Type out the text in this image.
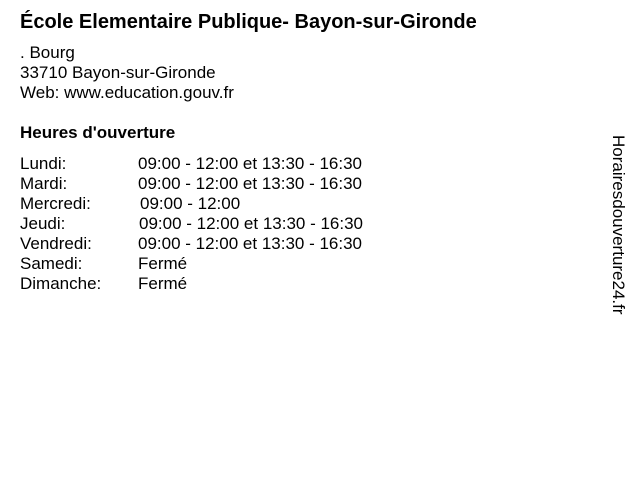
École Elementaire Publique- Bayon-sur-Gironde
. Bourg
33710 Bayon-sur-Gironde
Web: www.education.gouv.fr
Heures d'ouverture
Lundi:	09:00 - 12:00 et 13:30 - 16:30
Mardi:	09:00 - 12:00 et 13:30 - 16:30
Mercredi:	09:00 - 12:00
Jeudi:	09:00 - 12:00 et 13:30 - 16:30
Vendredi:	09:00 - 12:00 et 13:30 - 16:30
Samedi:	Fermé
Dimanche: Fermé	Horairesdouverture24.fr
